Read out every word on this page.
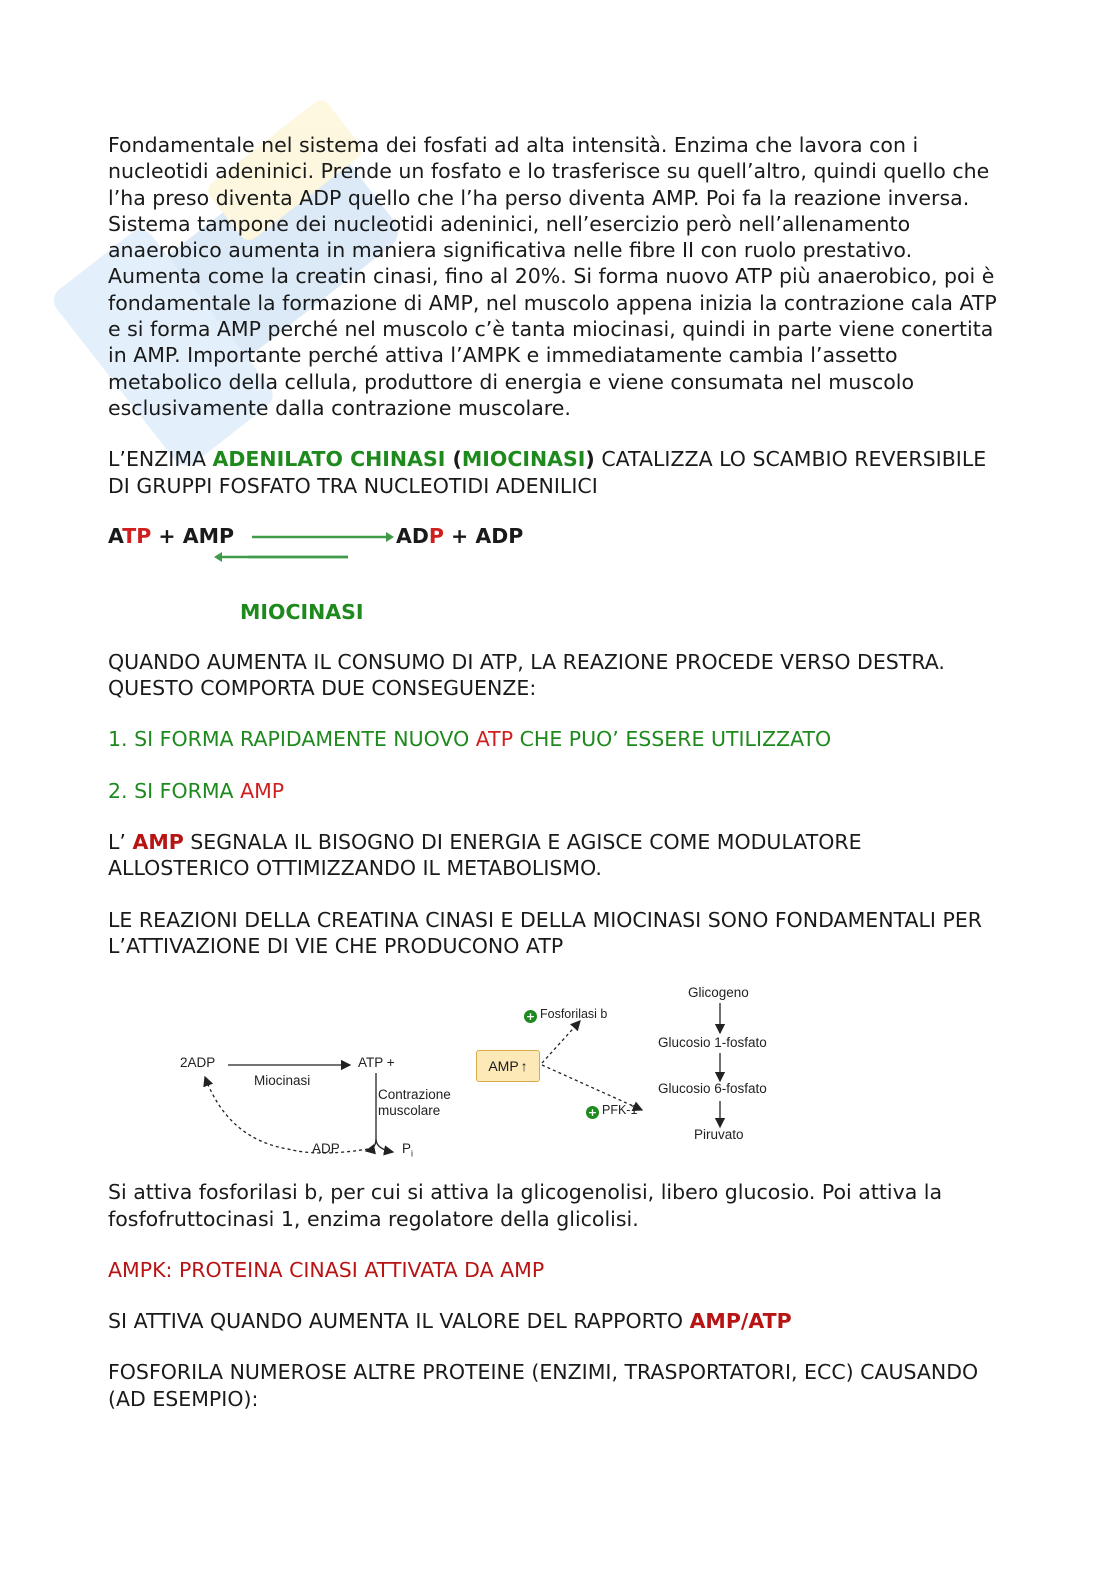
Fondamentale nel sistema dei fosfati ad alta intensità. Enzima che lavora con i nucleotidi adeninici. Prende un fosfato e lo trasferisce su quell’altro, quindi quello che l’ha preso diventa ADP quello che l’ha perso diventa AMP. Poi fa la reazione inversa. Sistema tampone dei nucleotidi adeninici, nell’esercizio però nell’allenamento anaerobico aumenta in maniera significativa nelle fibre II con ruolo prestativo. Aumenta come la creatin cinasi, fino al 20%. Si forma nuovo ATP più anaerobico, poi è fondamentale la formazione di AMP, nel muscolo appena inizia la contrazione cala ATP e si forma AMP perché nel muscolo c’è tanta miocinasi, quindi in parte viene conertita in AMP. Importante perché attiva l’AMPK e immediatamente cambia l’assetto metabolico della cellula, produttore di energia e viene consumata nel muscolo esclusivamente dalla contrazione muscolare.

L’ENZIMA ADENILATO CHINASI (MIOCINASI) CATALIZZA LO SCAMBIO REVERSIBILE DI GRUPPI FOSFATO TRA NUCLEOTIDI ADENILICI

ATP + AMP	ADP + ADP
MIOCINASI

QUANDO AUMENTA IL CONSUMO DI ATP, LA REAZIONE PROCEDE VERSO DESTRA. QUESTO COMPORTA DUE CONSEGUENZE:

1. SI FORMA RAPIDAMENTE NUOVO ATP CHE PUO’ ESSERE UTILIZZATO

2. SI FORMA AMP

L’ AMP SEGNALA IL BISOGNO DI ENERGIA E AGISCE COME MODULATORE ALLOSTERICO OTTIMIZZANDO IL METABOLISMO.

LE REAZIONI DELLA CREATINA CINASI E DELLA MIOCINASI SONO FONDAMENTALI PER L’ATTIVAZIONE DI VIE CHE PRODUCONO ATP

2ADP
Miocinasi
ATP +	AMP ↑
Contrazione
muscolare
ADP	$P_i$
+ Fosforilasi b
+ PFK-1
Glicogeno
Glucosio 1-fosfato
Glucosio 6-fosfato
Piruvato

Si attiva fosforilasi b, per cui si attiva la glicogenolisi, libero glucosio. Poi attiva la fosfofruttocinasi 1, enzima regolatore della glicolisi.

AMPK: PROTEINA CINASI ATTIVATA DA AMP

SI ATTIVA QUANDO AUMENTA IL VALORE DEL RAPPORTO AMP/ATP

FOSFORILA NUMEROSE ALTRE PROTEINE (ENZIMI, TRASPORTATORI, ECC) CAUSANDO (AD ESEMPIO):
